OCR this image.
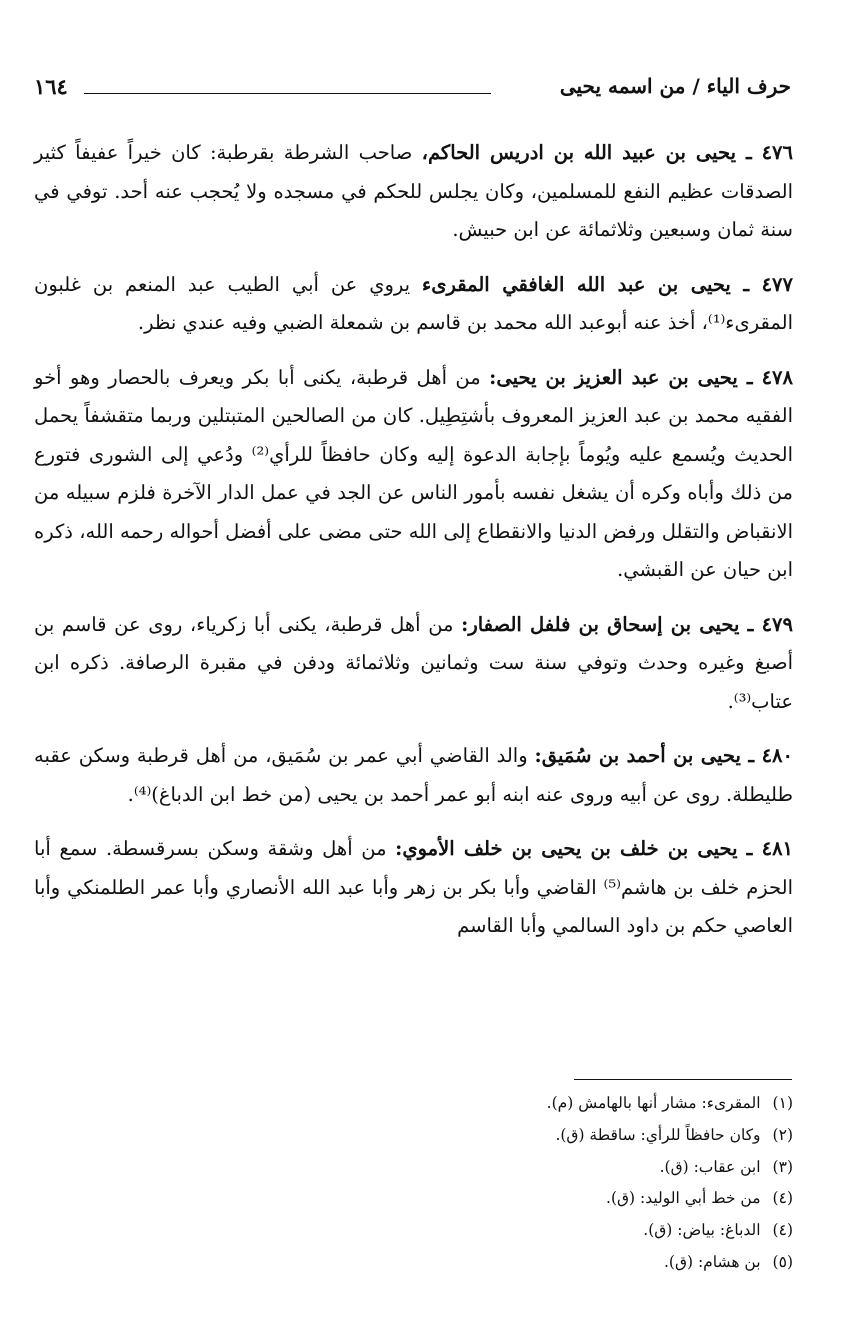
١٦٤	حرف الياء / من اسمه يحيى

٤٧٦ ـ يحيى بن عبيد الله بن ادريس الحاكم، صاحب الشرطة بقرطبة: كان خيراً عفيفاً كثير الصدقات عظيم النفع للمسلمين، وكان يجلس للحكم في مسجده ولا يُحجب عنه أحد. توفي في سنة ثمان وسبعين وثلاثمائة عن ابن حبيش.

٤٧٧ ـ يحيى بن عبد الله الغافقي المقرىء يروي عن أبي الطيب عبد المنعم بن غلبون المقرىء⁽¹⁾، أخذ عنه أبوعبد الله محمد بن قاسم بن شمعلة الضبي وفيه عندي نظر.

٤٧٨ ـ يحيى بن عبد العزيز بن يحيى: من أهل قرطبة، يكنى أبا بكر ويعرف بالحصار وهو أخو الفقيه محمد بن عبد العزيز المعروف بأشتِطِيل. كان من الصالحين المتبتلين وربما متقشفاً يحمل الحديث ويُسمع عليه ويُوماً بإجابة الدعوة إليه وكان حافظاً للرأي⁽²⁾ ودُعي إلى الشورى فتورع من ذلك وأباه وكره أن يشغل نفسه بأمور الناس عن الجد في عمل الدار الآخرة فلزم سبيله من الانقباض والتقلل ورفض الدنيا والانقطاع إلى الله حتى مضى على أفضل أحواله رحمه الله، ذكره ابن حيان عن القبشي.

٤٧٩ ـ يحيى بن إسحاق بن فلفل الصفار: من أهل قرطبة، يكنى أبا زكرياء، روى عن قاسم بن أصبغ وغيره وحدث وتوفي سنة ست وثمانين وثلاثمائة ودفن في مقبرة الرصافة. ذكره ابن عتاب⁽³⁾.

٤٨٠ ـ يحيى بن أحمد بن سُمَيق: والد القاضي أبي عمر بن سُمَيق، من أهل قرطبة وسكن عقبه طليطلة. روى عن أبيه وروى عنه ابنه أبو عمر أحمد بن يحيى (من خط ابن الدباغ)⁽⁴⁾.

٤٨١ ـ يحيى بن خلف بن يحيى بن خلف الأموي: من أهل وشقة وسكن بسرقسطة. سمع أبا الحزم خلف بن هاشم⁽⁵⁾ القاضي وأبا بكر بن زهر وأبا عبد الله الأنصاري وأبا عمر الطلمنكي وأبا العاصي حكم بن داود السالمي وأبا القاسم

(١)المقرىء: مشار أنها بالهامش (م).
(٢)وكان حافظاً للرأي: ساقطة (ق).
(٣)ابن عقاب: (ق).
(٤)من خط أبي الوليد: (ق).
(٤)الدباغ: بياض: (ق).
(٥)بن هشام: (ق).
